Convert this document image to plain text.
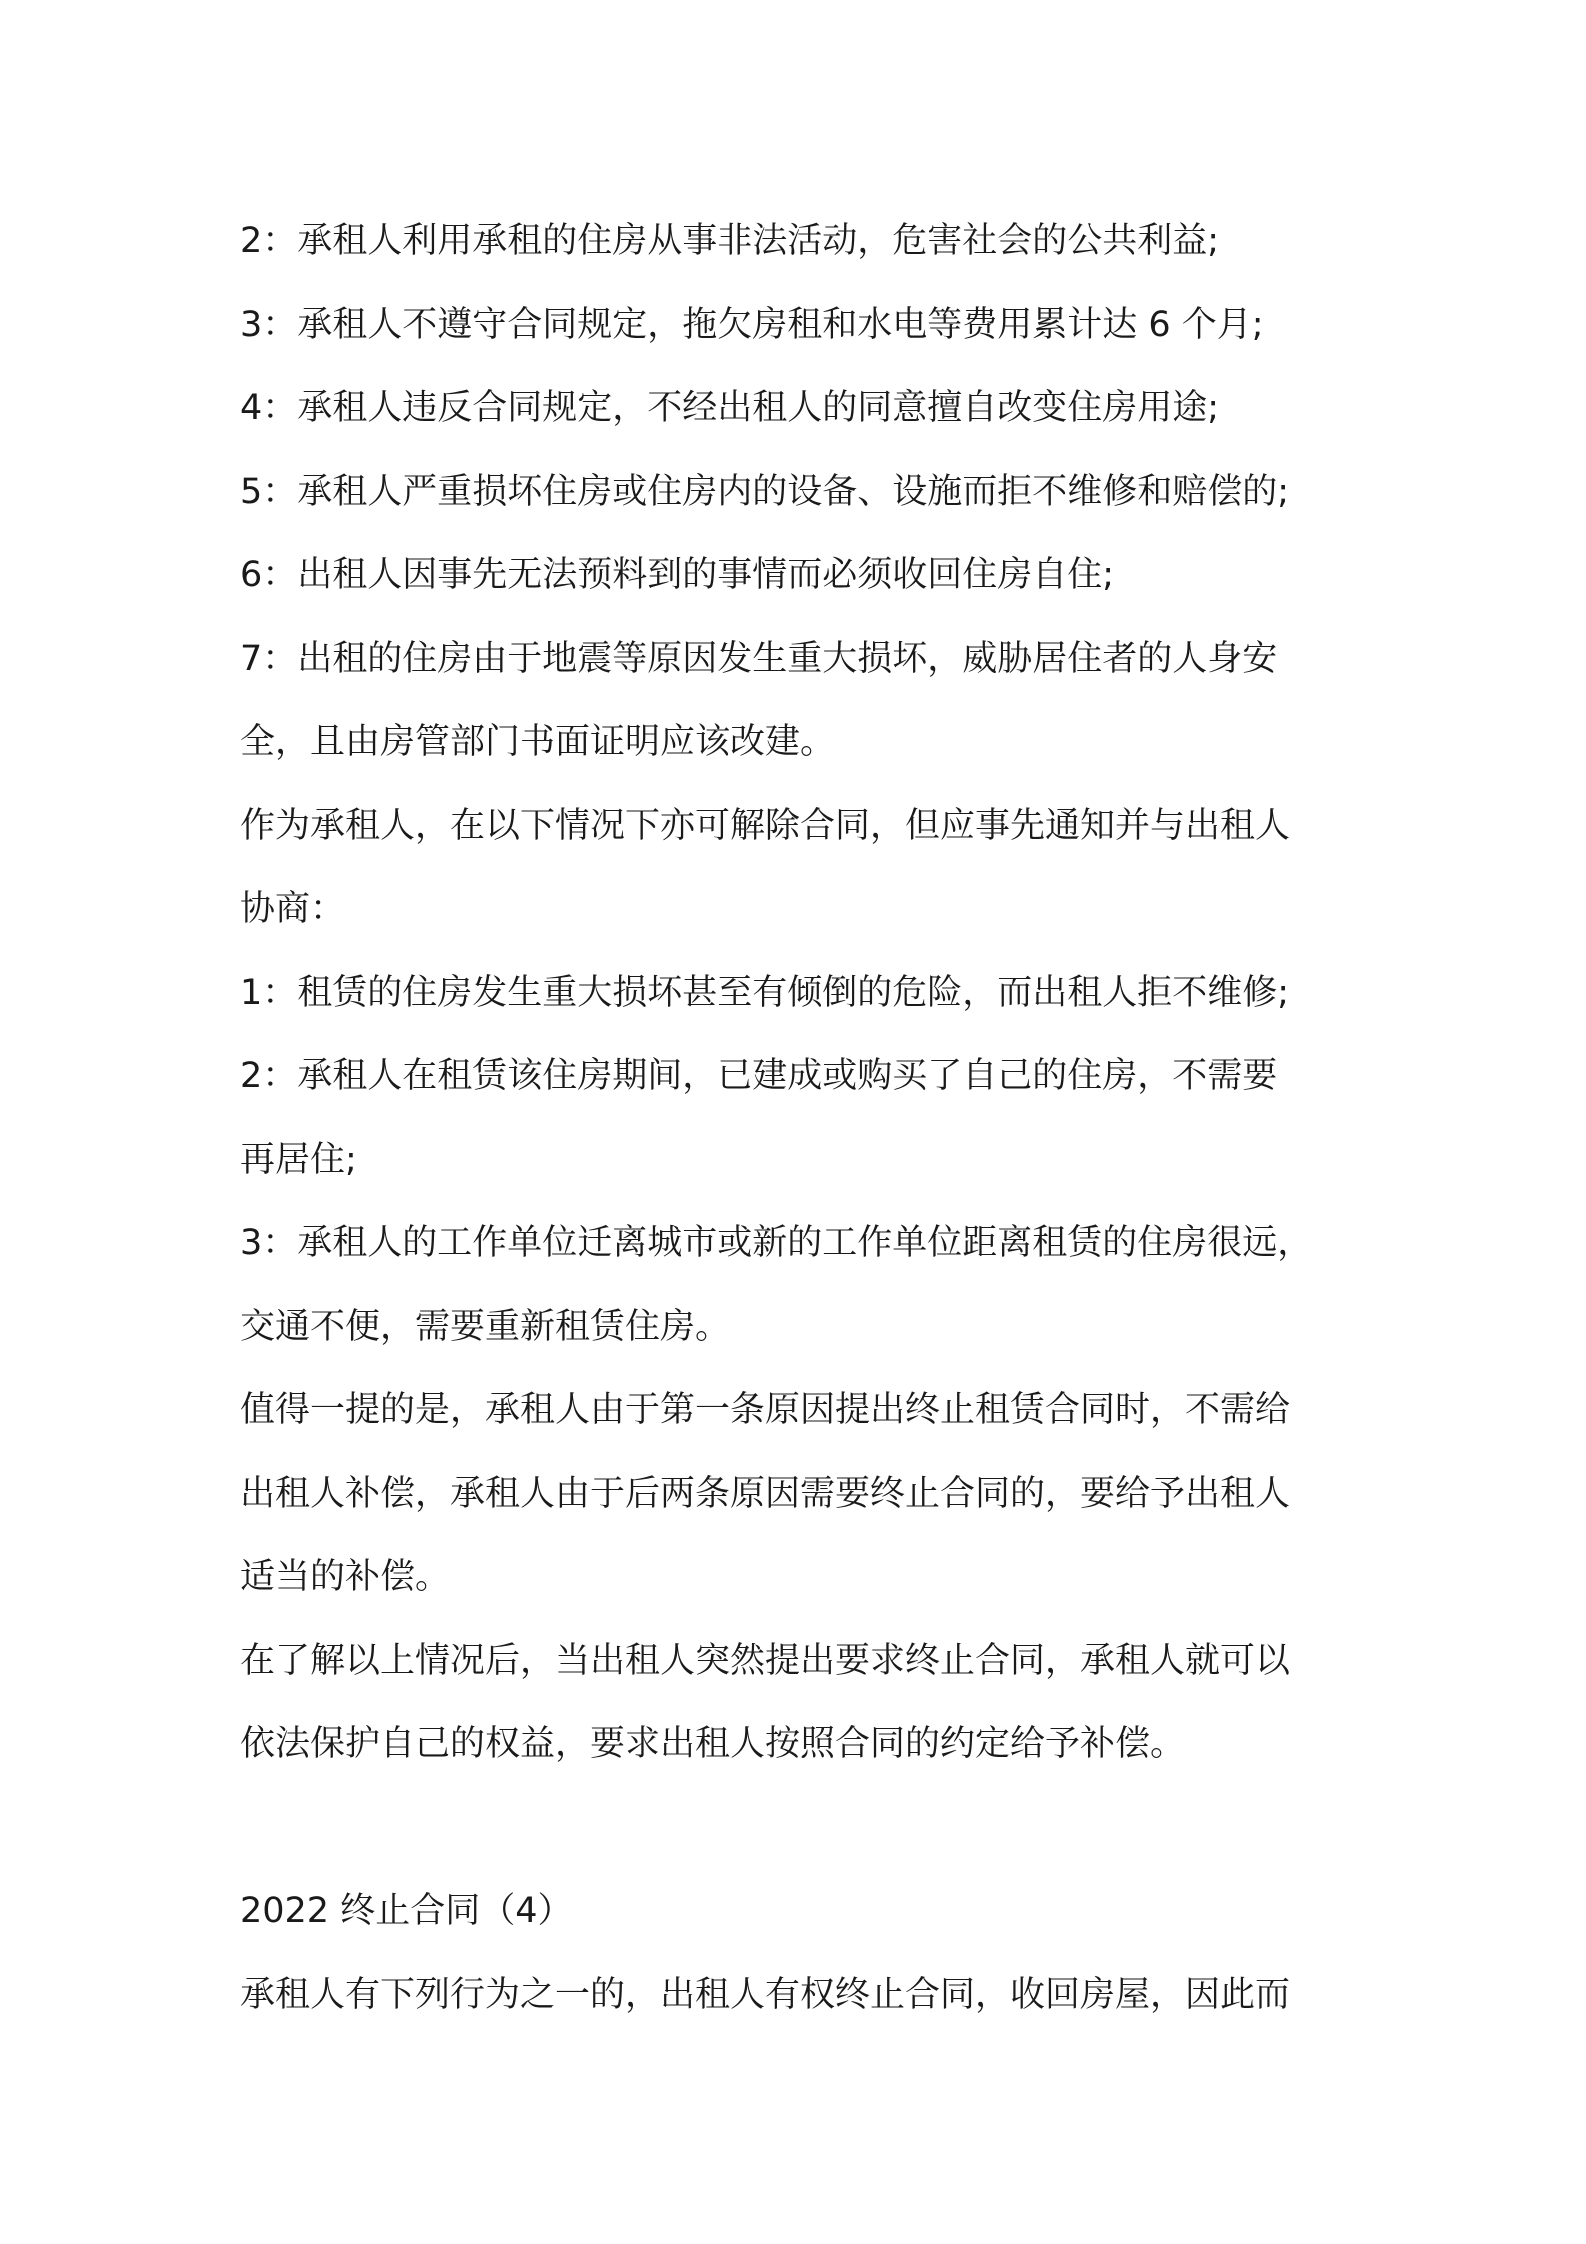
2：承租人利用承租的住房从事非法活动，危害社会的公共利益;
3：承租人不遵守合同规定，拖欠房租和水电等费用累计达 6 个月;
4：承租人违反合同规定，不经出租人的同意擅自改变住房用途;
5：承租人严重损坏住房或住房内的设备、设施而拒不维修和赔偿的;
6：出租人因事先无法预料到的事情而必须收回住房自住;
7：出租的住房由于地震等原因发生重大损坏，威胁居住者的人身安
全，且由房管部门书面证明应该改建。
作为承租人，在以下情况下亦可解除合同，但应事先通知并与出租人
协商：
1：租赁的住房发生重大损坏甚至有倾倒的危险，而出租人拒不维修;
2：承租人在租赁该住房期间，已建成或购买了自己的住房，不需要
再居住;
3：承租人的工作单位迁离城市或新的工作单位距离租赁的住房很远，
交通不便，需要重新租赁住房。
值得一提的是，承租人由于第一条原因提出终止租赁合同时，不需给
出租人补偿，承租人由于后两条原因需要终止合同的，要给予出租人
适当的补偿。
在了解以上情况后，当出租人突然提出要求终止合同，承租人就可以
依法保护自己的权益，要求出租人按照合同的约定给予补偿。
2022 终止合同（4）
承租人有下列行为之一的，出租人有权终止合同，收回房屋，因此而
